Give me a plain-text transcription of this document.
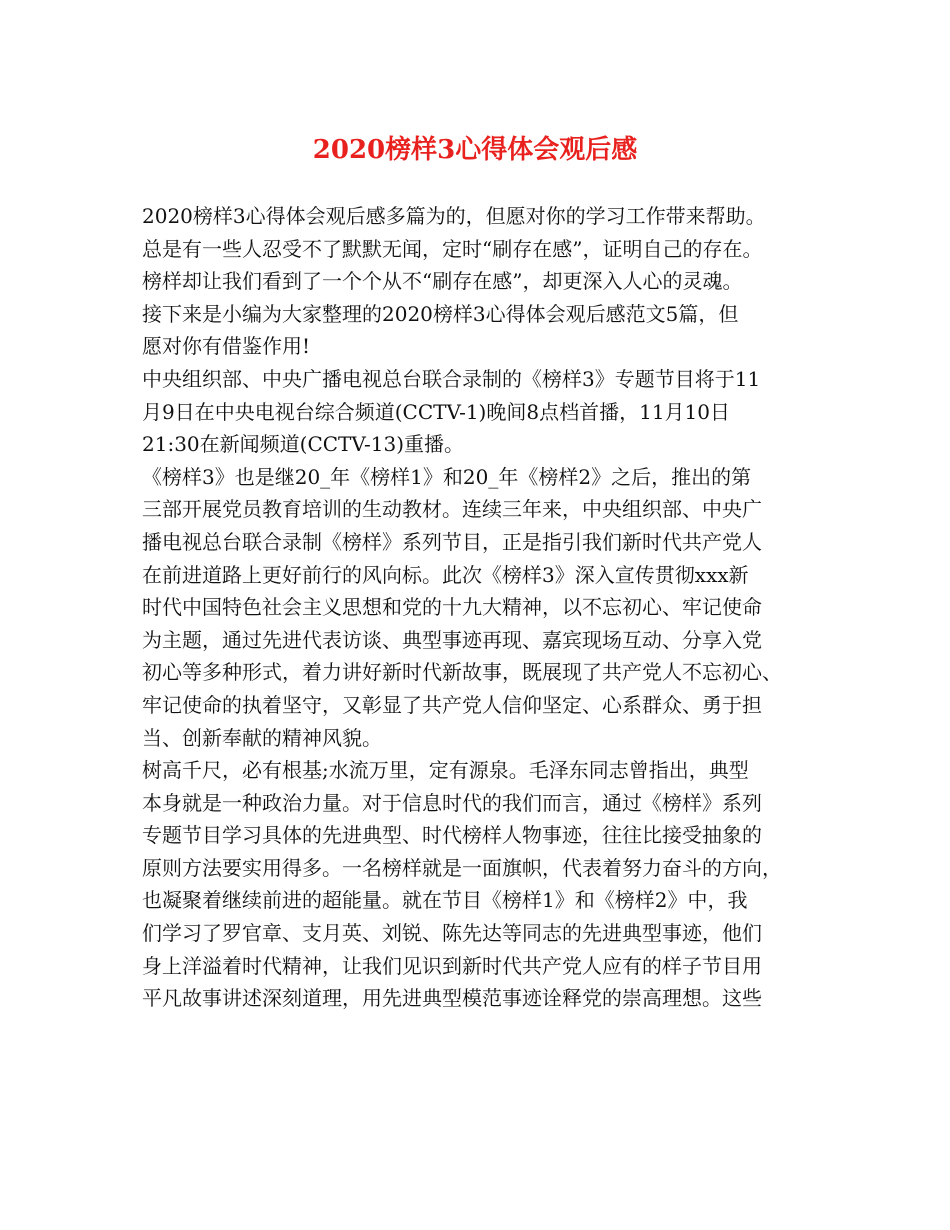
2020榜样3心得体会观后感
2020榜样3心得体会观后感多篇为的，但愿对你的学习工作带来帮助。
总是有一些人忍受不了默默无闻，定时“刷存在感”，证明自己的存在。
榜样却让我们看到了一个个从不“刷存在感”，却更深入人心的灵魂。
接下来是小编为大家整理的2020榜样3心得体会观后感范文5篇，但
愿对你有借鉴作用!
中央组织部、中央广播电视总台联合录制的《榜样3》专题节目将于11
月9日在中央电视台综合频道(CCTV-1)晚间8点档首播，11月10日
21:30在新闻频道(CCTV-13)重播。
《榜样3》也是继20_年《榜样1》和20_年《榜样2》之后，推出的第
三部开展党员教育培训的生动教材。连续三年来，中央组织部、中央广
播电视总台联合录制《榜样》系列节目，正是指引我们新时代共产党人
在前进道路上更好前行的风向标。此次《榜样3》深入宣传贯彻xxx新
时代中国特色社会主义思想和党的十九大精神，以不忘初心、牢记使命
为主题，通过先进代表访谈、典型事迹再现、嘉宾现场互动、分享入党
初心等多种形式，着力讲好新时代新故事，既展现了共产党人不忘初心、
牢记使命的执着坚守，又彰显了共产党人信仰坚定、心系群众、勇于担
当、创新奉献的精神风貌。
树高千尺，必有根基;水流万里，定有源泉。毛泽东同志曾指出，典型
本身就是一种政治力量。对于信息时代的我们而言，通过《榜样》系列
专题节目学习具体的先进典型、时代榜样人物事迹，往往比接受抽象的
原则方法要实用得多。一名榜样就是一面旗帜，代表着努力奋斗的方向，
也凝聚着继续前进的超能量。就在节目《榜样1》和《榜样2》中，我
们学习了罗官章、支月英、刘锐、陈先达等同志的先进典型事迹，他们
身上洋溢着时代精神，让我们见识到新时代共产党人应有的样子节目用
平凡故事讲述深刻道理，用先进典型模范事迹诠释党的崇高理想。这些
